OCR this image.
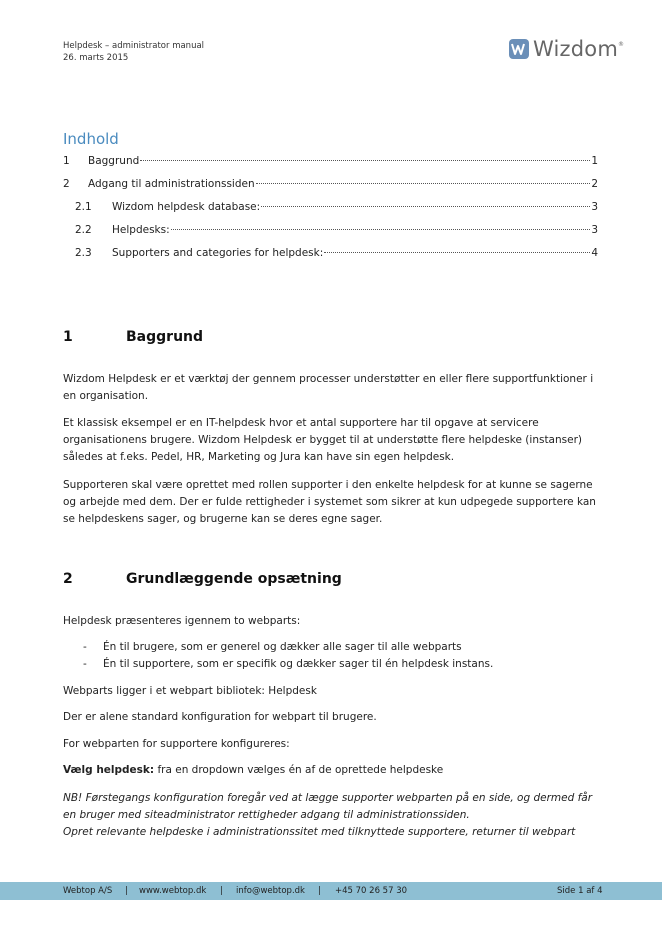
Helpdesk – administrator manual
26. marts 2015	Wizdom ®
Indhold
1	Baggrund	1
2	Adgang til administrationssiden	2
2.1	Wizdom helpdesk database:	3
2.2	Helpdesks:	3
2.3	Supporters and categories for helpdesk:	4
1	Baggrund

Wizdom Helpdesk er et værktøj der gennem processer understøtter en eller flere supportfunktioner i en organisation.

Et klassisk eksempel er en IT-helpdesk hvor et antal supportere har til opgave at servicere organisationens brugere. Wizdom Helpdesk er bygget til at understøtte flere helpdeske (instanser) således at f.eks. Pedel, HR, Marketing og Jura kan have sin egen helpdesk.

Supporteren skal være oprettet med rollen supporter i den enkelte helpdesk for at kunne se sagerne og arbejde med dem. Der er fulde rettigheder i systemet som sikrer at kun udpegede supportere kan se helpdeskens sager, og brugerne kan se deres egne sager.

2	Grundlæggende opsætning

Helpdesk præsenteres igennem to webparts:

-	Én til brugere, som er generel og dækker alle sager til alle webparts
-	Én til supportere, som er specifik og dækker sager til én helpdesk instans.

Webparts ligger i et webpart bibliotek: Helpdesk

Der er alene standard konfiguration for webpart til brugere.

For webparten for supportere konfigureres:

Vælg helpdesk: fra en dropdown vælges én af de oprettede helpdeske

NB! Førstegangs konfiguration foregår ved at lægge supporter webparten på en side, og dermed får en bruger med siteadministrator rettigheder adgang til administrationssiden.
Opret relevante helpdeske i administrationssitet med tilknyttede supportere, returner til webpart
Webtop A/S | www.webtop.dk | info@webtop.dk | +45 70 26 57 30	Side 1 af 4
